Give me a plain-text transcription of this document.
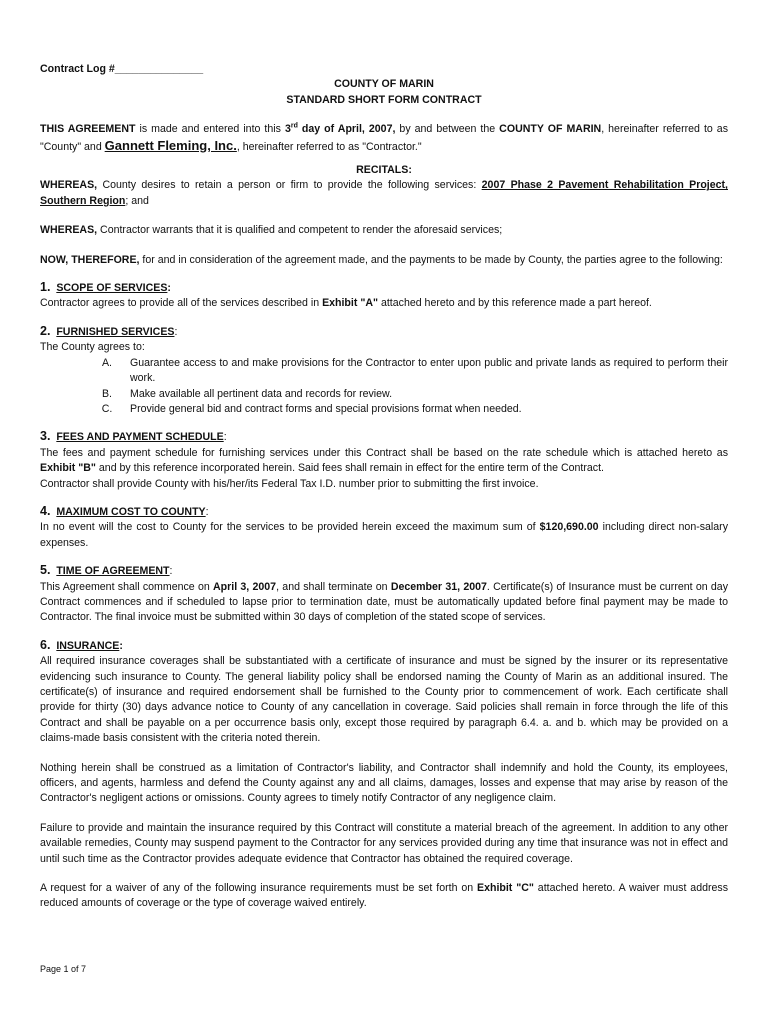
Contract Log #_______________
COUNTY OF MARIN
STANDARD SHORT FORM CONTRACT

THIS AGREEMENT is made and entered into this 3rd day of April, 2007, by and between the COUNTY OF MARIN, hereinafter referred to as "County" and Gannett Fleming, Inc., hereinafter referred to as "Contractor."

RECITALS:

WHEREAS, County desires to retain a person or firm to provide the following services: 2007 Phase 2 Pavement Rehabilitation Project, Southern Region; and

WHEREAS, Contractor warrants that it is qualified and competent to render the aforesaid services;

NOW, THEREFORE, for and in consideration of the agreement made, and the payments to be made by County, the parties agree to the following:

1. SCOPE OF SERVICES:

Contractor agrees to provide all of the services described in Exhibit "A" attached hereto and by this reference made a part hereof.

2. FURNISHED SERVICES:

The County agrees to:

A.	Guarantee access to and make provisions for the Contractor to enter upon public and private lands as required to perform their work.
B.	Make available all pertinent data and records for review.
C.	Provide general bid and contract forms and special provisions format when needed.
3. FEES AND PAYMENT SCHEDULE:

The fees and payment schedule for furnishing services under this Contract shall be based on the rate schedule which is attached hereto as Exhibit "B" and by this reference incorporated herein. Said fees shall remain in effect for the entire term of the Contract.

Contractor shall provide County with his/her/its Federal Tax I.D. number prior to submitting the first invoice.

4. MAXIMUM COST TO COUNTY:

In no event will the cost to County for the services to be provided herein exceed the maximum sum of $120,690.00 including direct non-salary expenses.

5. TIME OF AGREEMENT:

This Agreement shall commence on April 3, 2007, and shall terminate on December 31, 2007. Certificate(s) of Insurance must be current on day Contract commences and if scheduled to lapse prior to termination date, must be automatically updated before final payment may be made to Contractor. The final invoice must be submitted within 30 days of completion of the stated scope of services.

6. INSURANCE:

All required insurance coverages shall be substantiated with a certificate of insurance and must be signed by the insurer or its representative evidencing such insurance to County. The general liability policy shall be endorsed naming the County of Marin as an additional insured. The certificate(s) of insurance and required endorsement shall be furnished to the County prior to commencement of work. Each certificate shall provide for thirty (30) days advance notice to County of any cancellation in coverage. Said policies shall remain in force through the life of this Contract and shall be payable on a per occurrence basis only, except those required by paragraph 6.4. a. and b. which may be provided on a claims-made basis consistent with the criteria noted therein.

Nothing herein shall be construed as a limitation of Contractor's liability, and Contractor shall indemnify and hold the County, its employees, officers, and agents, harmless and defend the County against any and all claims, damages, losses and expense that may arise by reason of the Contractor's negligent actions or omissions. County agrees to timely notify Contractor of any negligence claim.

Failure to provide and maintain the insurance required by this Contract will constitute a material breach of the agreement. In addition to any other available remedies, County may suspend payment to the Contractor for any services provided during any time that insurance was not in effect and until such time as the Contractor provides adequate evidence that Contractor has obtained the required coverage.

A request for a waiver of any of the following insurance requirements must be set forth on Exhibit "C" attached hereto. A waiver must address reduced amounts of coverage or the type of coverage waived entirely.

Page 1 of 7
